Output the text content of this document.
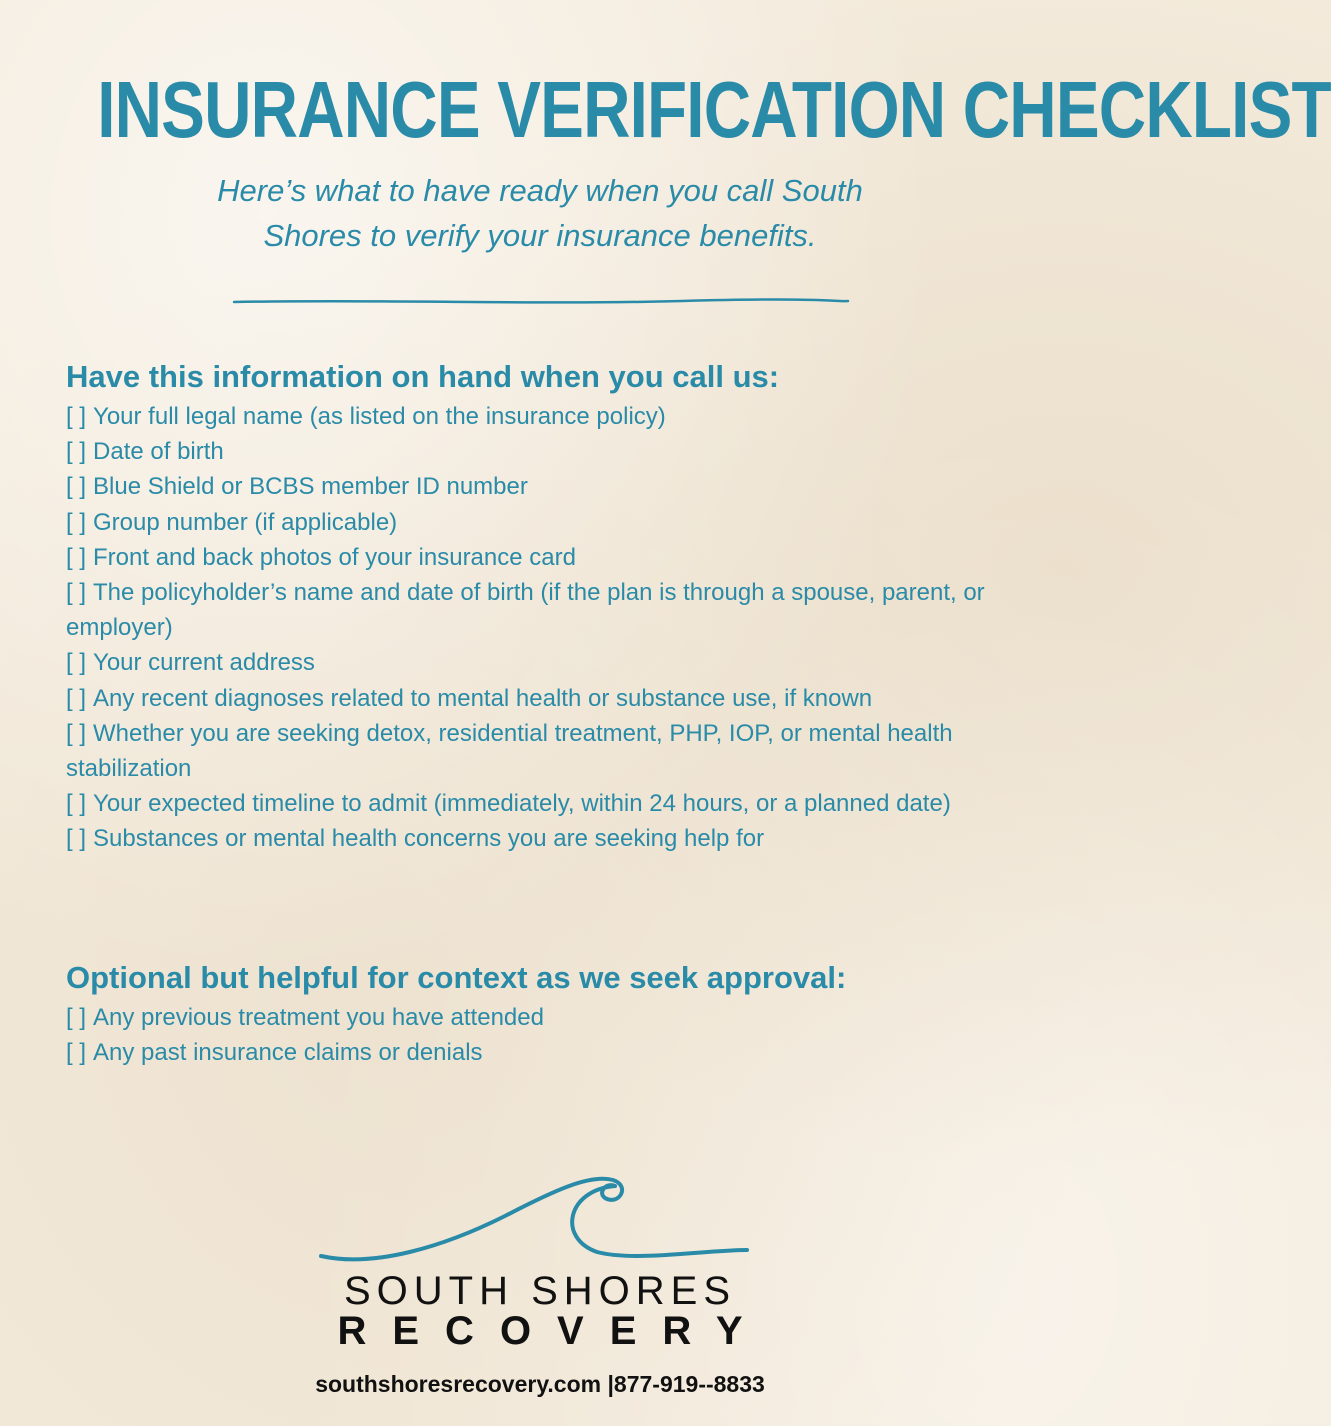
INSURANCE VERIFICATION CHECKLIST

Here’s what to have ready when you call South Shores to verify your insurance benefits.

Have this information on hand when you call us:
[ ] Your full legal name (as listed on the insurance policy)
[ ] Date of birth
[ ] Blue Shield or BCBS member ID number
[ ] Group number (if applicable)
[ ] Front and back photos of your insurance card
[ ] The policyholder’s name and date of birth (if the plan is through a spouse, parent, or employer)
[ ] Your current address
[ ] Any recent diagnoses related to mental health or substance use, if known
[ ] Whether you are seeking detox, residential treatment, PHP, IOP, or mental health stabilization
[ ] Your expected timeline to admit (immediately, within 24 hours, or a planned date)
[ ] Substances or mental health concerns you are seeking help for
Optional but helpful for context as we seek approval:
[ ] Any previous treatment you have attended
[ ] Any past insurance claims or denials

SOUTH SHORES

RECOVERY

southshoresrecovery.com |877-919--8833
